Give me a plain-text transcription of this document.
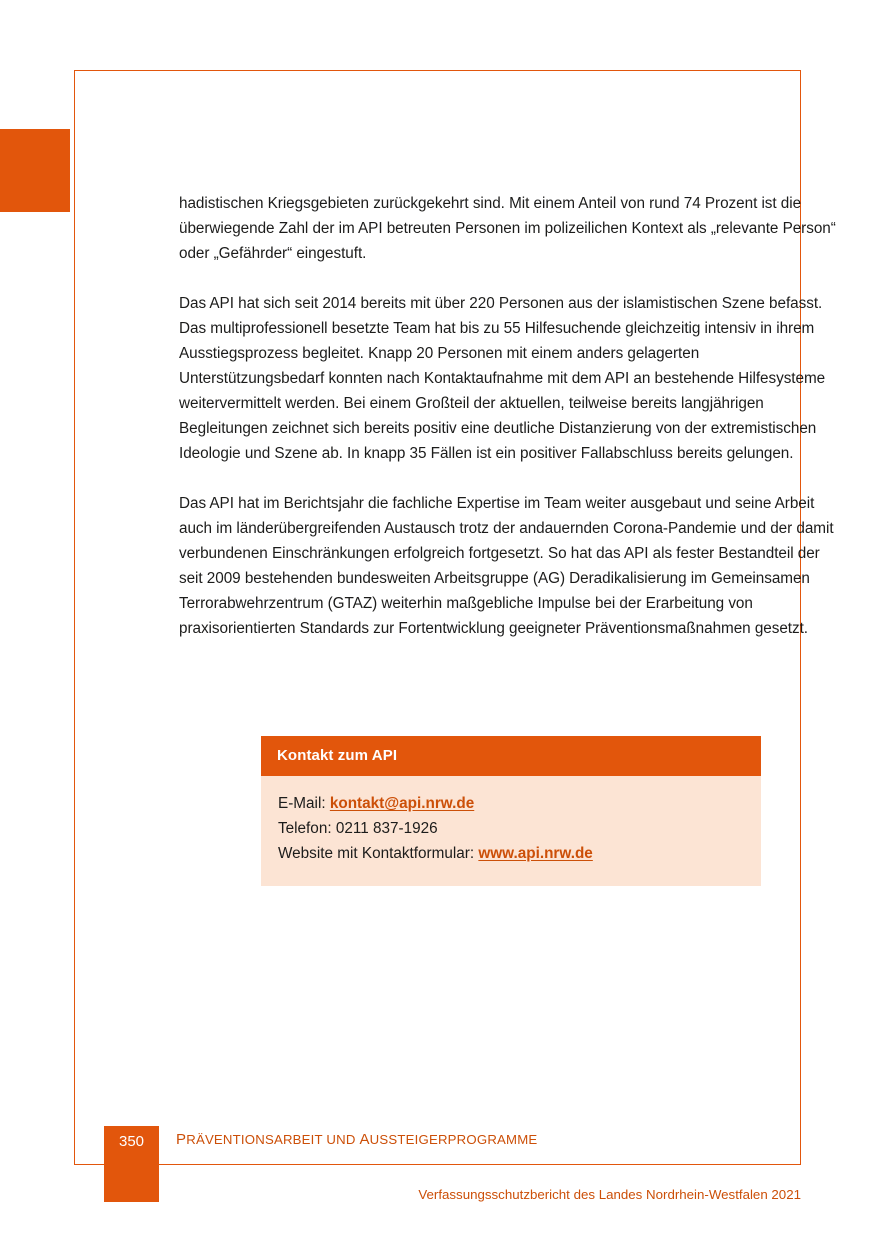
hadistischen Kriegsgebieten zurückgekehrt sind. Mit einem Anteil von rund 74 Prozent ist die überwiegende Zahl der im API betreuten Personen im polizeilichen Kontext als „relevante Person“ oder „Gefährder“ eingestuft.

Das API hat sich seit 2014 bereits mit über 220 Personen aus der islamistischen Szene befasst. Das multiprofessionell besetzte Team hat bis zu 55 Hilfesuchende gleichzeitig intensiv in ihrem Ausstiegsprozess begleitet. Knapp 20 Personen mit einem anders gelagerten Unterstützungsbedarf konnten nach Kontaktaufnahme mit dem API an bestehende Hilfesysteme weitervermittelt werden. Bei einem Großteil der aktuellen, teilweise bereits langjährigen Begleitungen zeichnet sich bereits positiv eine deutliche Distanzierung von der extremistischen Ideologie und Szene ab. In knapp 35 Fällen ist ein positiver Fallabschluss bereits gelungen.

Das API hat im Berichtsjahr die fachliche Expertise im Team weiter ausgebaut und seine Arbeit auch im länderübergreifenden Austausch trotz der andauernden Corona-Pandemie und der damit verbundenen Einschränkungen erfolgreich fortgesetzt. So hat das API als fester Bestandteil der seit 2009 bestehenden bundesweiten Arbeitsgruppe (AG) Deradikalisierung im Gemeinsamen Terrorabwehrzentrum (GTAZ) weiterhin maßgebliche Impulse bei der Erarbeitung von praxisorientierten Standards zur Fortentwicklung geeigneter Präventionsmaßnahmen gesetzt.

Kontakt zum API
E-Mail: kontakt@api.nrw.de
Telefon: 0211 837-1926
Website mit Kontaktformular: www.api.nrw.de
350	PRÄVENTIONSARBEIT UND AUSSTEIGERPROGRAMME
Verfassungsschutzbericht des Landes Nordrhein-Westfalen 2021
